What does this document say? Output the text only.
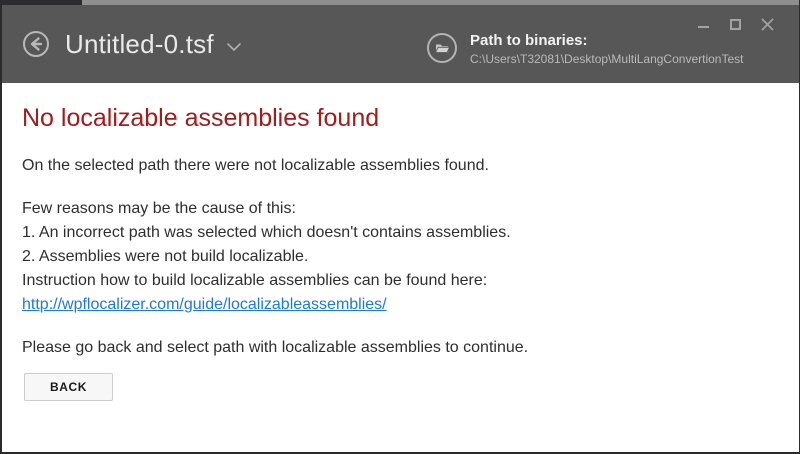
Untitled-0.tsf	Path to binaries:
C:\Users\T32081\Desktop\MultiLangConvertionTest
No localizable assemblies found

On the selected path there were not localizable assemblies found.

Few reasons may be the cause of this:

1. An incorrect path was selected which doesn't contains assemblies.

2. Assemblies were not build localizable.

Instruction how to build localizable assemblies can be found here:

http://wpflocalizer.com/guide/localizableassemblies/

Please go back and select path with localizable assemblies to continue.

BACK
